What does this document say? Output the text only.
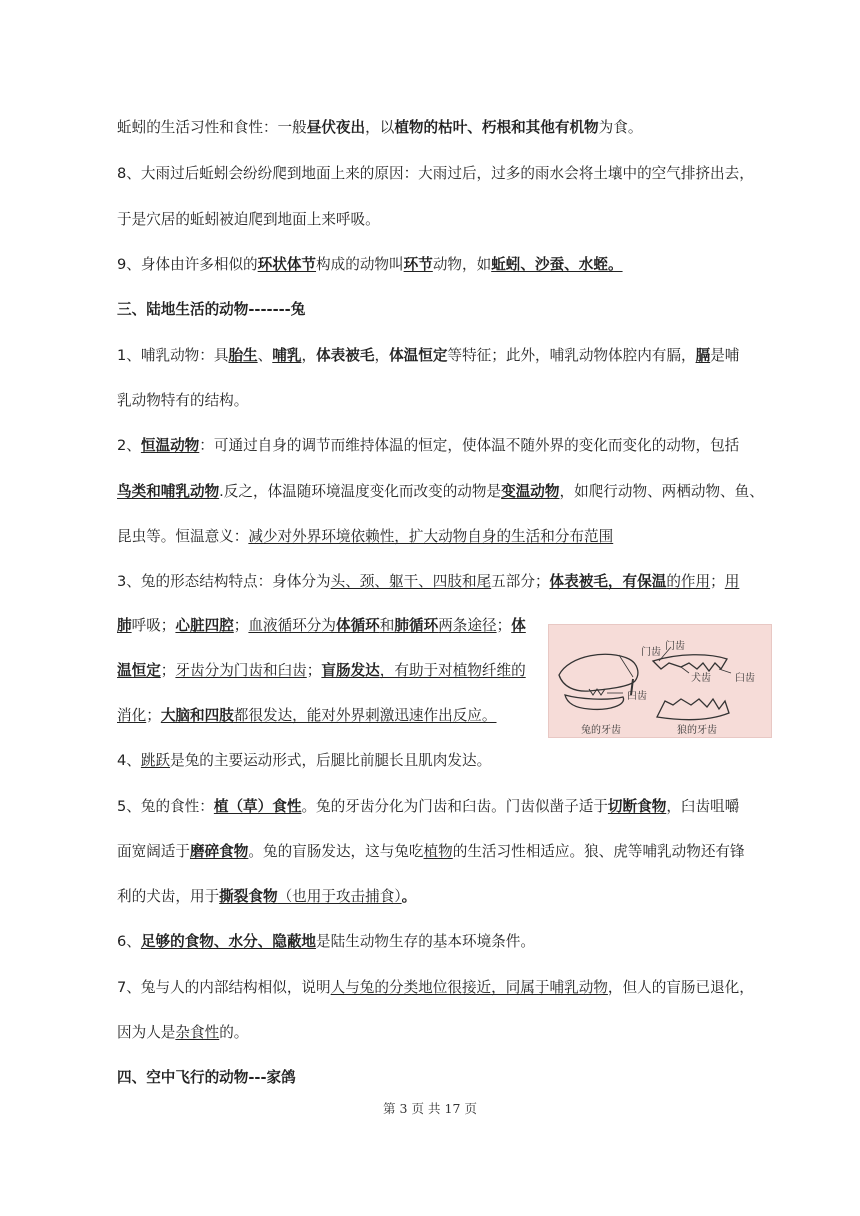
蚯蚓的生活习性和食性：一般昼伏夜出，以植物的枯叶、朽根和其他有机物为食。
8、大雨过后蚯蚓会纷纷爬到地面上来的原因：大雨过后，过多的雨水会将土壤中的空气排挤出去，
于是穴居的蚯蚓被迫爬到地面上来呼吸。
9、身体由许多相似的环状体节构成的动物叫环节动物，如蚯蚓、沙蚕、水蛭。
三、陆地生活的动物-------兔
1、哺乳动物：具胎生、哺乳，体表被毛，体温恒定等特征；此外，哺乳动物体腔内有膈，膈是哺
乳动物特有的结构。
2、恒温动物：可通过自身的调节而维持体温的恒定，使体温不随外界的变化而变化的动物，包括
鸟类和哺乳动物.反之，体温随环境温度变化而改变的动物是变温动物，如爬行动物、两栖动物、鱼、
昆虫等。恒温意义：减少对外界环境依赖性，扩大动物自身的生活和分布范围
3、兔的形态结构特点：身体分为头、颈、躯干、四肢和尾五部分；体表被毛，有保温的作用；用
肺呼吸；心脏四腔；血液循环分为体循环和肺循环两条途径；体
温恒定；牙齿分为门齿和臼齿；盲肠发达，有助于对植物纤维的
消化；大脑和四肢都很发达，能对外界刺激迅速作出反应。
4、跳跃是兔的主要运动形式，后腿比前腿长且肌肉发达。
5、兔的食性：植（草）食性。兔的牙齿分化为门齿和臼齿。门齿似凿子适于切断食物，臼齿咀嚼
面宽阔适于磨碎食物。兔的盲肠发达，这与兔吃植物的生活习性相适应。狼、虎等哺乳动物还有锋
利的犬齿，用于撕裂食物（也用于攻击捕食）。
6、足够的食物、水分、隐蔽地是陆生动物生存的基本环境条件。
7、兔与人的内部结构相似，说明人与兔的分类地位很接近，同属于哺乳动物，但人的盲肠已退化，
因为人是杂食性的。
四、空中飞行的动物---家鸽
门齿
臼齿
门齿
犬齿 臼齿
兔的牙齿	狼的牙齿
第 3 页 共 17 页
